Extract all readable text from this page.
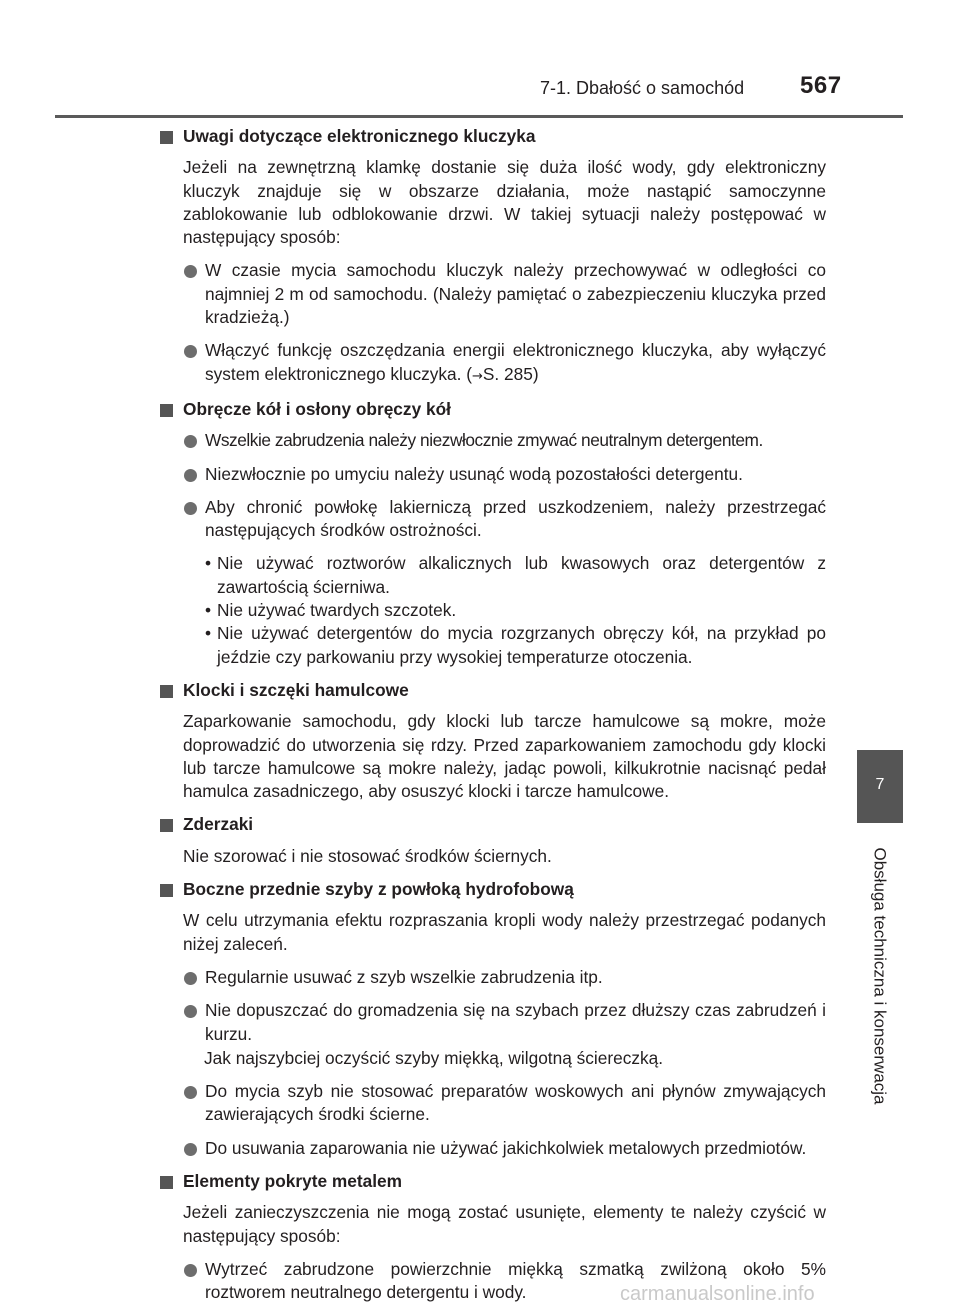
7-1. Dbałość o samochód 567
7
Obsługa techniczna i konserwacja

Uwagi dotyczące elektronicznego kluczyka

Jeżeli na zewnętrzną klamkę dostanie się duża ilość wody, gdy elektroniczny kluczyk znajduje się w obszarze działania, może nastąpić samoczynne zablokowanie lub odblokowanie drzwi. W takiej sytuacji należy postępować w następujący sposób:

W czasie mycia samochodu kluczyk należy przechowywać w odległości co najmniej 2 m od samochodu. (Należy pamiętać o zabezpieczeniu kluczyka przed kradzieżą.)

Włączyć funkcję oszczędzania energii elektronicznego kluczyka, aby wyłączyć system elektronicznego kluczyka. (→S. 285)

Obręcze kół i osłony obręczy kół

Wszelkie zabrudzenia należy niezwłocznie zmywać neutralnym detergentem.

Niezwłocznie po umyciu należy usunąć wodą pozostałości detergentu.

Aby chronić powłokę lakierniczą przed uszkodzeniem, należy przestrzegać następujących środków ostrożności.

• Nie używać roztworów alkalicznych lub kwasowych oraz detergentów z zawartością ścierniwa.

• Nie używać twardych szczotek.

• Nie używać detergentów do mycia rozgrzanych obręczy kół, na przykład po jeździe czy parkowaniu przy wysokiej temperaturze otoczenia.

Klocki i szczęki hamulcowe

Zaparkowanie samochodu, gdy klocki lub tarcze hamulcowe są mokre, może doprowadzić do utworzenia się rdzy. Przed zaparkowaniem zamochodu gdy klocki lub tarcze hamulcowe są mokre należy, jadąc powoli, kilkukrotnie nacisnąć pedał hamulca zasadniczego, aby osuszyć klocki i tarcze hamulcowe.

Zderzaki

Nie szorować i nie stosować środków ściernych.

Boczne przednie szyby z powłoką hydrofobową

W celu utrzymania efektu rozpraszania kropli wody należy przestrzegać podanych niżej zaleceń.

Regularnie usuwać z szyb wszelkie zabrudzenia itp.

Nie dopuszczać do gromadzenia się na szybach przez dłuższy czas zabrudzeń i kurzu.

Jak najszybciej oczyścić szyby miękką, wilgotną ściereczką.

Do mycia szyb nie stosować preparatów woskowych ani płynów zmywających zawierających środki ścierne.

Do usuwania zaparowania nie używać jakichkolwiek metalowych przedmiotów.

Elementy pokryte metalem

Jeżeli zanieczyszczenia nie mogą zostać usunięte, elementy te należy czyścić w następujący sposób:

Wytrzeć zabrudzone powierzchnie miękką szmatką zwilżoną około 5% roztworem neutralnego detergentu i wody.	carmanualsonline.info
